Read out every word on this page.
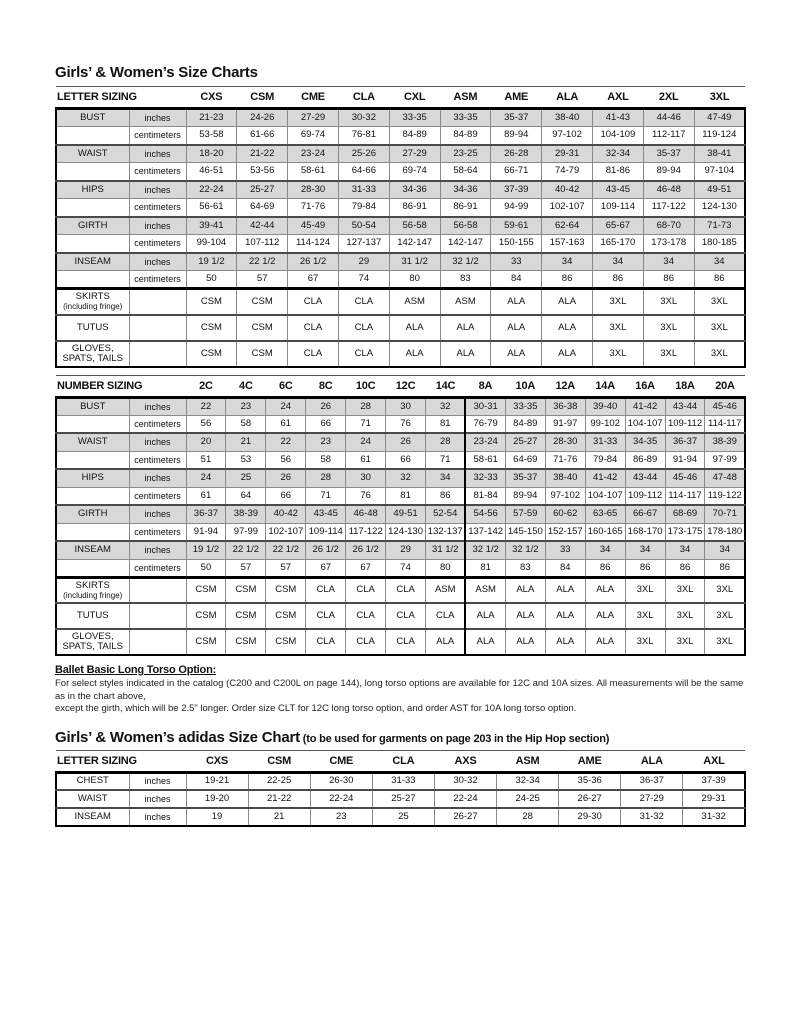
Girls’ & Women’s Size Charts
LETTER SIZING		CXS	CSM	CME	CLA	CXL	ASM	AME	ALA	AXL	2XL	3XL

BUST	inches	21-23	24-26	27-29	30-32	33-35	33-35	35-37	38-40	41-43	44-46	47-49
	centimeters	53-58	61-66	69-74	76-81	84-89	84-89	89-94	97-102	104-109	112-117	119-124

WAIST	inches	18-20	21-22	23-24	25-26	27-29	23-25	26-28	29-31	32-34	35-37	38-41
	centimeters	46-51	53-56	58-61	64-66	69-74	58-64	66-71	74-79	81-86	89-94	97-104

HIPS	inches	22-24	25-27	28-30	31-33	34-36	34-36	37-39	40-42	43-45	46-48	49-51
	centimeters	56-61	64-69	71-76	79-84	86-91	86-91	94-99	102-107	109-114	117-122	124-130

GIRTH	inches	39-41	42-44	45-49	50-54	56-58	56-58	59-61	62-64	65-67	68-70	71-73
	centimeters	99-104	107-112	114-124	127-137	142-147	142-147	150-155	157-163	165-170	173-178	180-185

INSEAM	inches	19 1/2	22 1/2	26 1/2	29	31 1/2	32 1/2	33	34	34	34	34
	centimeters	50	57	67	74	80	83	84	86	86	86	86

SKIRTS
(including fringe)		CSM	CSM	CLA	CLA	ASM	ASM	ALA	ALA	3XL	3XL	3XL

TUTUS		CSM	CSM	CLA	CLA	ALA	ALA	ALA	ALA	3XL	3XL	3XL

GLOVES, SPATS, TAILS		CSM	CSM	CLA	CLA	ALA	ALA	ALA	ALA	3XL	3XL	3XL
NUMBER SIZING		2C	4C	6C	8C	10C	12C	14C	8A	10A	12A	14A	16A	18A	20A

BUST	inches	22	23	24	26	28	30	32	30-31	33-35	36-38	39-40	41-42	43-44	45-46
	centimeters	56	58	61	66	71	76	81	76-79	84-89	91-97	99-102	104-107	109-112	114-117

WAIST	inches	20	21	22	23	24	26	28	23-24	25-27	28-30	31-33	34-35	36-37	38-39
	centimeters	51	53	56	58	61	66	71	58-61	64-69	71-76	79-84	86-89	91-94	97-99

HIPS	inches	24	25	26	28	30	32	34	32-33	35-37	38-40	41-42	43-44	45-46	47-48
	centimeters	61	64	66	71	76	81	86	81-84	89-94	97-102	104-107	109-112	114-117	119-122

GIRTH	inches	36-37	38-39	40-42	43-45	46-48	49-51	52-54	54-56	57-59	60-62	63-65	66-67	68-69	70-71
	centimeters	91-94	97-99	102-107	109-114	117-122	124-130	132-137	137-142	145-150	152-157	160-165	168-170	173-175	178-180

INSEAM	inches	19 1/2	22 1/2	22 1/2	26 1/2	26 1/2	29	31 1/2	32 1/2	32 1/2	33	34	34	34	34
	centimeters	50	57	57	67	67	74	80	81	83	84	86	86	86	86

SKIRTS
(including fringe)		CSM	CSM	CSM	CLA	CLA	CLA	ASM	ASM	ALA	ALA	ALA	3XL	3XL	3XL

TUTUS		CSM	CSM	CSM	CLA	CLA	CLA	CLA	ALA	ALA	ALA	ALA	3XL	3XL	3XL

GLOVES, SPATS, TAILS		CSM	CSM	CSM	CLA	CLA	CLA	ALA	ALA	ALA	ALA	ALA	3XL	3XL	3XL
Ballet Basic Long Torso Option:
For select styles indicated in the catalog (C200 and C200L on page 144), long torso options are available for 12C and 10A sizes. All measurements will be the same as in the chart above,
except the girth, which will be 2.5" longer. Order size CLT for 12C long torso option, and order AST for 10A long torso option.
Girls’ & Women’s adidas Size Chart (to be used for garments on page 203 in the Hip Hop section)
LETTER SIZING		CXS	CSM	CME	CLA	AXS	ASM	AME	ALA	AXL

CHEST	inches	19-21	22-25	26-30	31-33	30-32	32-34	35-36	36-37	37-39

WAIST	inches	19-20	21-22	22-24	25-27	22-24	24-25	26-27	27-29	29-31

INSEAM	inches	19	21	23	25	26-27	28	29-30	31-32	31-32
